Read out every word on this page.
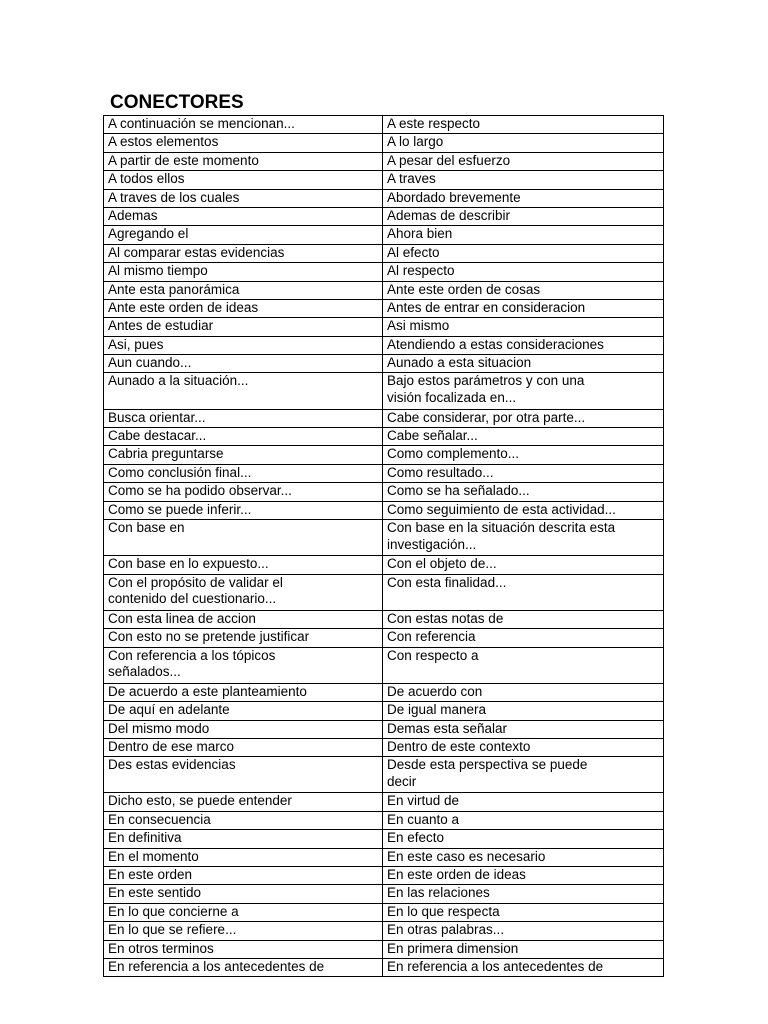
CONECTORES
A continuación se mencionan...	A este respecto

A estos elementos	A lo largo

A partir de este momento	A pesar del esfuerzo

A todos ellos	A traves

A traves de los cuales	Abordado brevemente

Ademas	Ademas de describir

Agregando el	Ahora bien

Al comparar estas evidencias	Al efecto

Al mismo tiempo	Al respecto

Ante esta panorámica	Ante este orden de cosas

Ante este orden de ideas	Antes de entrar en consideracion

Antes de estudiar	Asi mismo

Asi, pues	Atendiendo a estas consideraciones

Aun cuando...	Aunado a esta situacion

Aunado a la situación...	Bajo estos parámetros y con una
visión focalizada en...

Busca orientar...	Cabe considerar, por otra parte...

Cabe destacar...	Cabe señalar...

Cabria preguntarse	Como complemento...

Como conclusión final...	Como resultado...

Como se ha podido observar...	Como se ha señalado...

Como se puede inferir...	Como seguimiento de esta actividad...

Con base en	Con base en la situación descrita esta
investigación...

Con base en lo expuesto...	Con el objeto de...

Con el propósito de validar el
contenido del cuestionario...	Con esta finalidad...

Con esta linea de accion	Con estas notas de

Con esto no se pretende justificar	Con referencia

Con referencia a los tópicos
señalados...	Con respecto a

De acuerdo a este planteamiento	De acuerdo con

De aquí en adelante	De igual manera

Del mismo modo	Demas esta señalar

Dentro de ese marco	Dentro de este contexto

Des estas evidencias	Desde esta perspectiva se puede
decir

Dicho esto, se puede entender	En virtud de

En consecuencia	En cuanto a

En definitiva	En efecto

En el momento	En este caso es necesario

En este orden	En este orden de ideas

En este sentido	En las relaciones

En lo que concierne a	En lo que respecta

En lo que se refiere...	En otras palabras...

En otros terminos	En primera dimension

En referencia a los antecedentes de	En referencia a los antecedentes de
